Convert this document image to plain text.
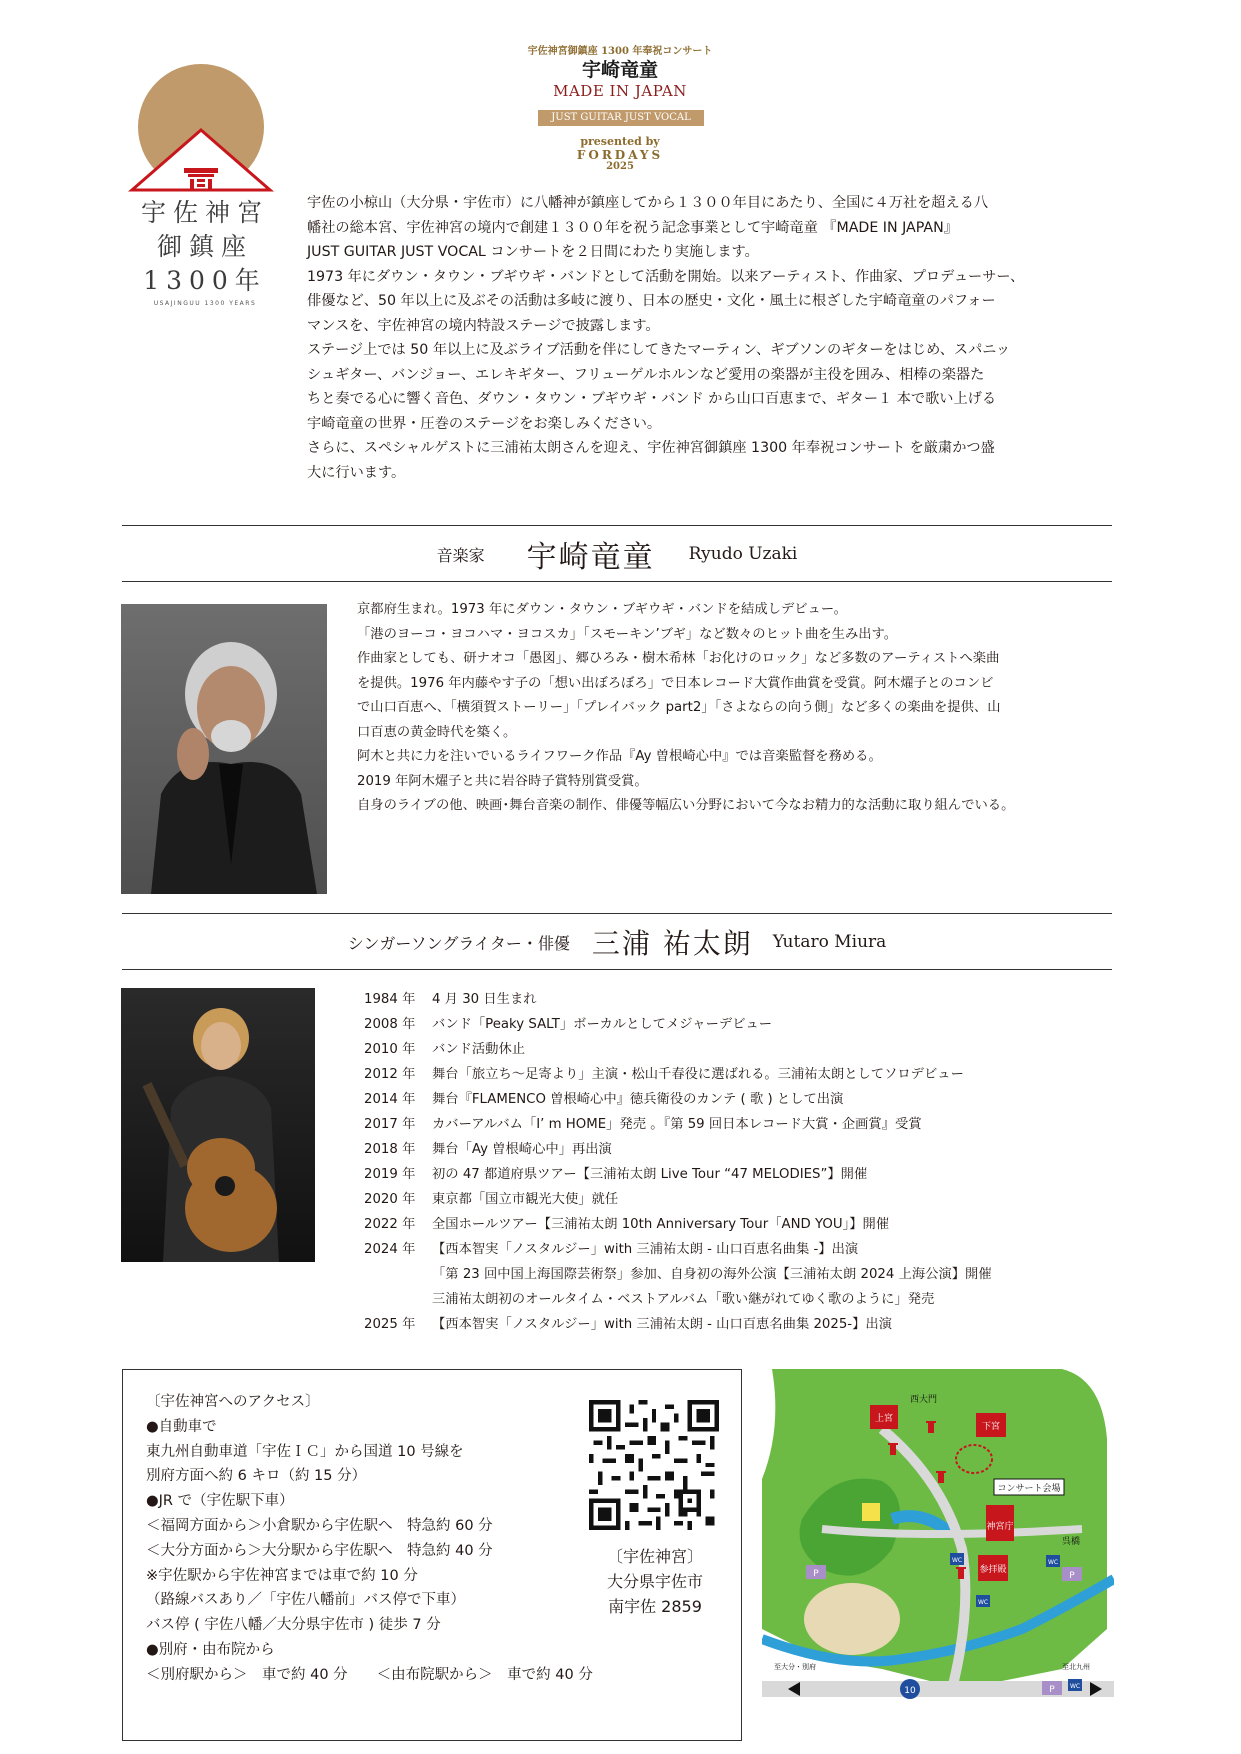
宇佐神宮
御鎮座
1300年
USAJINGUU 1300 YEARS
宇佐神宮御鎮座 1300 年奉祝コンサート
宇崎竜童
MADE IN JAPAN
JUST GUITAR JUST VOCAL
presented by
FORDAYS
2025

宇佐の小椋山（大分県・宇佐市）に八幡神が鎮座してから１３００年目にあたり、全国に４万社を超える八

幡社の総本宮、宇佐神宮の境内で創建１３００年を祝う記念事業として宇崎竜童 『MADE IN JAPAN』

JUST GUITAR JUST VOCAL コンサートを２日間にわたり実施します。

1973 年にダウン・タウン・ブギウギ・バンドとして活動を開始。以来アーティスト、作曲家、プロデューサー、

俳優など、50 年以上に及ぶその活動は多岐に渡り、日本の歴史・文化・風土に根ざした宇崎竜童のパフォー

マンスを、宇佐神宮の境内特設ステージで披露します。

ステージ上では 50 年以上に及ぶライブ活動を伴にしてきたマーティン、ギブソンのギターをはじめ、スパニッ

シュギター、バンジョー、エレキギター、フリューゲルホルンなど愛用の楽器が主役を囲み、相棒の楽器た

ちと奏でる心に響く音色、ダウン・タウン・ブギウギ・バンド から山口百恵まで、ギター１ 本で歌い上げる

宇崎竜童の世界・圧巻のステージをお楽しみください。

さらに、スペシャルゲストに三浦祐太朗さんを迎え、宇佐神宮御鎮座 1300 年奉祝コンサート を厳粛かつ盛

大に行います。

音楽家 宇崎竜童 Ryudo Uzaki

京都府生まれ。1973 年にダウン・タウン・ブギウギ・バンドを結成しデビュー。

「港のヨーコ・ヨコハマ・ヨコスカ」「スモーキン’ブギ」など数々のヒット曲を生み出す。

作曲家としても、研ナオコ「愚図」、郷ひろみ・樹木希林「お化けのロック」など多数のアーティストへ楽曲

を提供。1976 年内藤やす子の「想い出ぼろぼろ」で日本レコード大賞作曲賞を受賞。阿木燿子とのコンビ

で山口百恵へ、「横須賀ストーリー」「プレイバック part2」「さよならの向う側」など多くの楽曲を提供、山

口百恵の黄金時代を築く。

阿木と共に力を注いでいるライフワーク作品『Ay 曽根崎心中』では音楽監督を務める。

2019 年阿木燿子と共に岩谷時子賞特別賞受賞。

自身のライブの他、映画･舞台音楽の制作、俳優等幅広い分野において今なお精力的な活動に取り組んでいる。

シンガーソングライター・俳優 三浦 祐太朗 Yutaro Miura
1984 年	4 月 30 日生まれ
2008 年	バンド「Peaky SALT」ボーカルとしてメジャーデビュー
2010 年	バンド活動休止
2012 年	舞台「旅立ち～足寄より」主演・松山千春役に選ばれる。三浦祐太朗としてソロデビュー
2014 年	舞台『FLAMENCO 曽根崎心中』徳兵衛役のカンテ ( 歌 ) として出演
2017 年	カバーアルバム「I’ m HOME」発売 。『第 59 回日本レコード大賞・企画賞』受賞
2018 年	舞台「Ay 曽根崎心中」再出演
2019 年	初の 47 都道府県ツアー【三浦祐太朗 Live Tour “47 MELODIES”】開催
2020 年	東京都「国立市観光大使」就任
2022 年	全国ホールツアー【三浦祐太朗 10th Anniversary Tour「AND YOU」】開催
2024 年	【西本智実「ノスタルジー」with 三浦祐太朗 - 山口百恵名曲集 -】出演
	「第 23 回中国上海国際芸術祭」参加、自身初の海外公演【三浦祐太朗 2024 上海公演】開催
	三浦祐太朗初のオールタイム・ベストアルバム「歌い継がれてゆく歌のように」発売
2025 年	【西本智実「ノスタルジー」with 三浦祐太朗 - 山口百恵名曲集 2025-】出演
〔宇佐神宮へのアクセス〕
●自動車で
東九州自動車道「宇佐ＩＣ」から国道 10 号線を
別府方面へ約 6 キロ（約 15 分）
●JR で（宇佐駅下車）
＜福岡方面から＞小倉駅から宇佐駅へ　特急約 60 分
＜大分方面から＞大分駅から宇佐駅へ　特急約 40 分
※宇佐駅から宇佐神宮までは車で約 10 分
（路線バスあり／「宇佐八幡前」バス停で下車）
バス停 ( 宇佐八幡／大分県宇佐市 ) 徒歩 7 分
●別府・由布院から
＜別府駅から＞　車で約 40 分　　＜由布院駅から＞　車で約 40 分
〔宇佐神宮〕
大分県宇佐市
南宇佐 2859
上宮
西大門
下宮
コンサート会場
神宮庁
呉橋
参拝殿
WC	WC
WC
WC
P	P
P
10
至大分・別府	至北九州
